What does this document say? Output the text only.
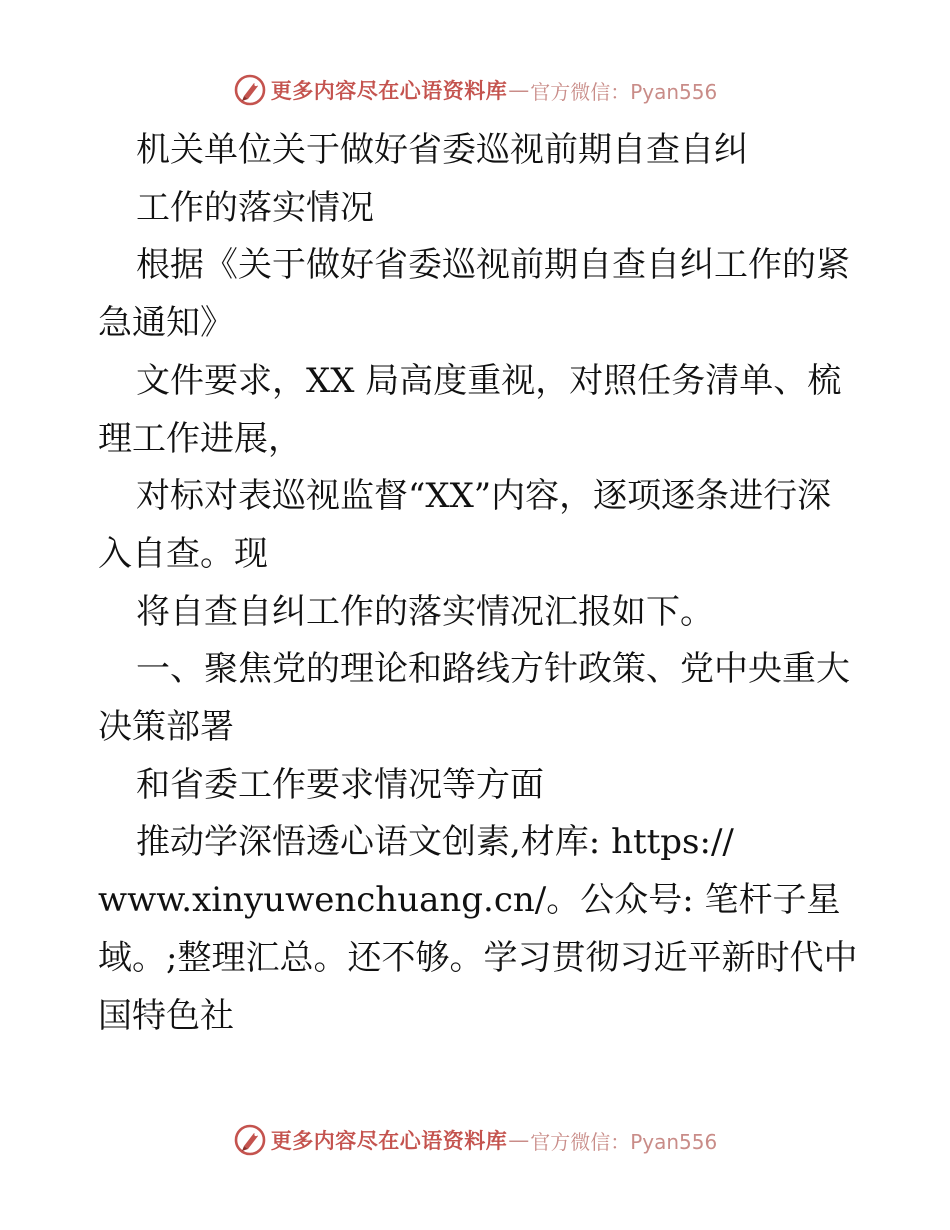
更多内容尽在心语资料库 — 官方微信：Pyan556

机关单位关于做好省委巡视前期自查自纠

工作的落实情况

根据《关于做好省委巡视前期自查自纠工作的紧急通知》

文件要求，XX 局高度重视，对照任务清单、梳理工作进展，

对标对表巡视监督“XX”内容，逐项逐条进行深入自查。现

将自查自纠工作的落实情况汇报如下。

一、聚焦党的理论和路线方针政策、党中央重大决策部署

和省委工作要求情况等方面

推动学深悟透心语文创素,材库: https://

www.xinyuwenchuang.cn/。公众号: 笔杆子星

域。;整理汇总。还不够。学习贯彻习近平新时代中国特色社

更多内容尽在心语资料库 — 官方微信：Pyan556
